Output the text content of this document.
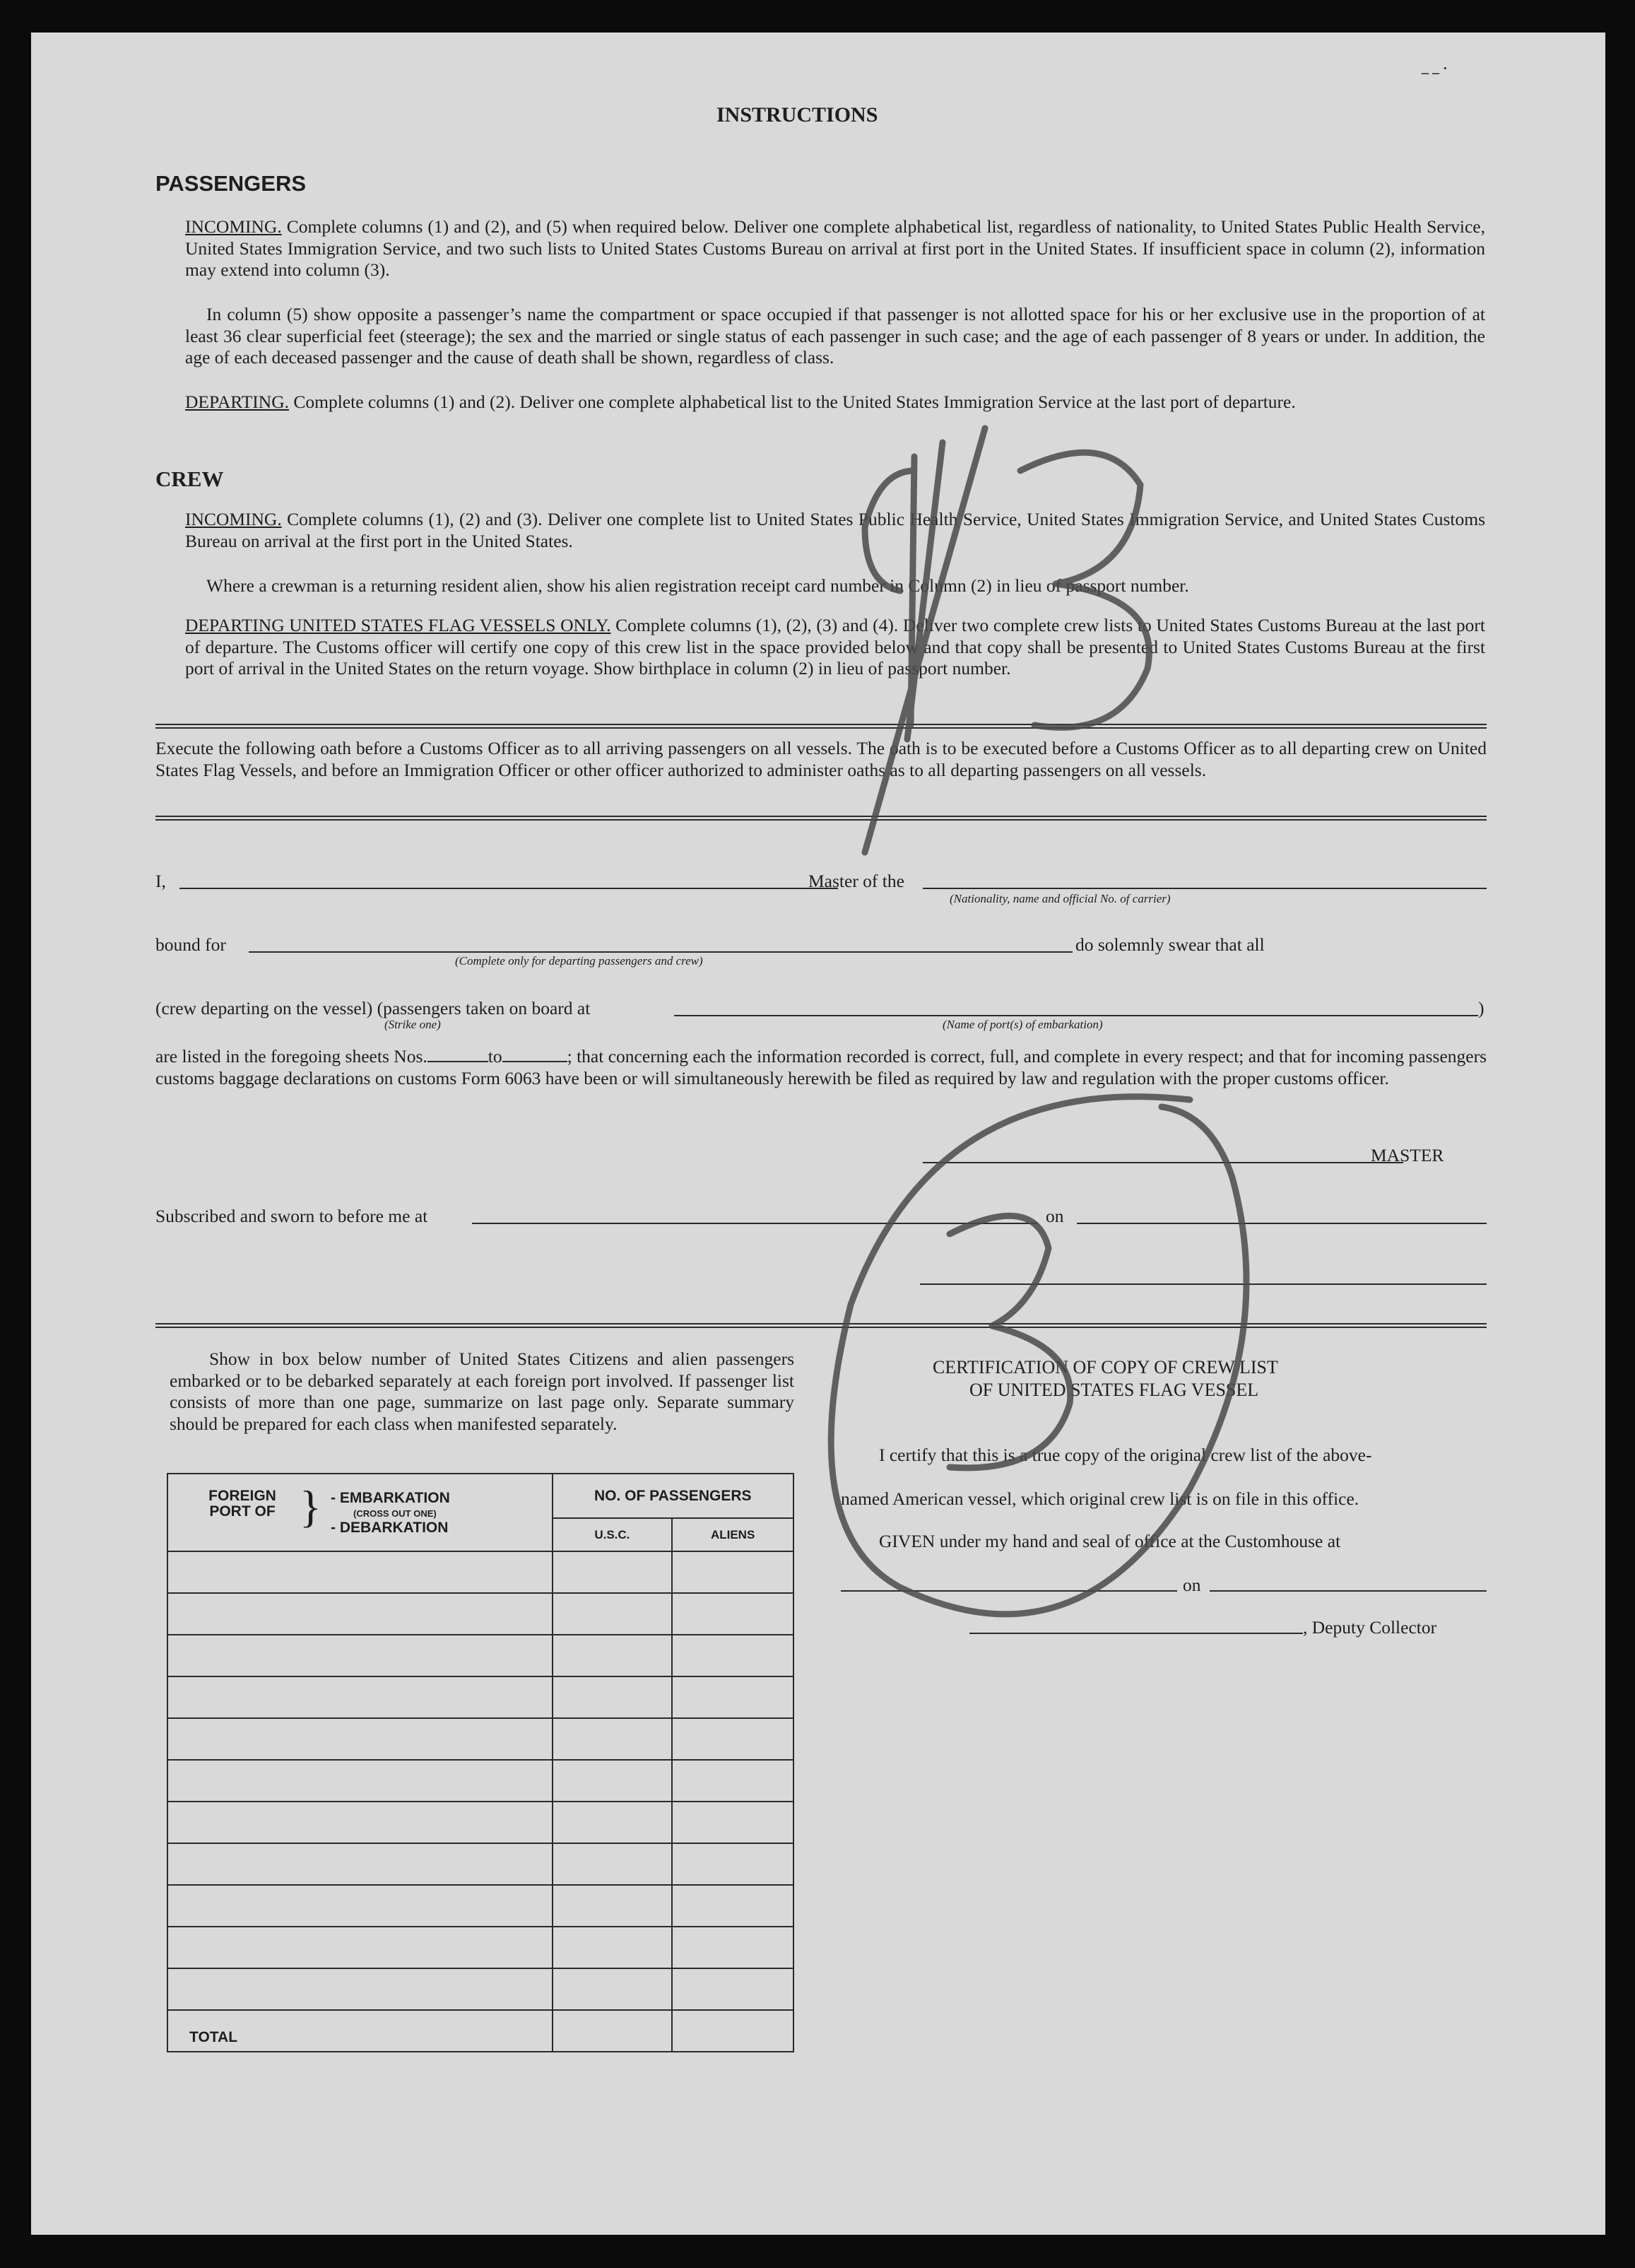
INSTRUCTIONS
– – ˙
PASSENGERS

INCOMING. Complete columns (1) and (2), and (5) when required below. Deliver one complete alphabetical list, regardless of nationality, to United States Public Health Service, United States Immigration Service, and two such lists to United States Customs Bureau on arrival at first port in the United States. If insufficient space in column (2), information may extend into column (3).

In column (5) show opposite a passenger’s name the compartment or space occupied if that passenger is not allotted space for his or her exclusive use in the proportion of at least 36 clear superficial feet (steerage); the sex and the married or single status of each passenger in such case; and the age of each passenger of 8 years or under. In addition, the age of each deceased passenger and the cause of death shall be shown, regardless of class.

DEPARTING. Complete columns (1) and (2). Deliver one complete alphabetical list to the United States Immigration Service at the last port of departure.

CREW

INCOMING. Complete columns (1), (2) and (3). Deliver one complete list to United States Public Health Service, United States Immigration Service, and United States Customs Bureau on arrival at the first port in the United States.

Where a crewman is a returning resident alien, show his alien registration receipt card number in Column (2) in lieu of passport number.

DEPARTING UNITED STATES FLAG VESSELS ONLY. Complete columns (1), (2), (3) and (4). Deliver two complete crew lists to United States Customs Bureau at the last port of departure. The Customs officer will certify one copy of this crew list in the space provided below and that copy shall be presented to United States Customs Bureau at the first port of arrival in the United States on the return voyage. Show birthplace in column (2) in lieu of passport number.

Execute the following oath before a Customs Officer as to all arriving passengers on all vessels. The oath is to be executed before a Customs Officer as to all departing crew on United States Flag Vessels, and before an Immigration Officer or other officer authorized to administer oaths as to all departing passengers on all vessels.
I,	Master of the
(Nationality, name and official No. of carrier)
bound for
(Complete only for departing passengers and crew)
do solemnly swear that all
(crew departing on the vessel) (passengers taken on board at	)
(Strike one)	(Name of port(s) of embarkation)

are listed in the foregoing sheets Nos.	to	; that concerning each the information recorded is correct, full, and complete in every respect; and that for incoming passengers customs baggage declarations on customs Form 6063 have been or will simultaneously herewith be filed as required by law and regulation with the proper customs officer.

MASTER
Subscribed and sworn to before me at	on
Show in box below number of United States Citizens and alien passengers embarked or to be debarked separately at each foreign port involved. If passenger list consists of more than one page, summarize on last page only. Separate summary should be prepared for each class when manifested separately.
FOREIGN PORT OF } - EMBARKATION
(CROSS OUT ONE)
- DEBARKATION	NO. OF PASSENGERS	
	U.S.C.	ALIENS

TOTAL		

CERTIFICATION OF COPY OF CREW LIST
OF UNITED STATES FLAG VESSEL
I certify that this is a true copy of the original crew list of the above-
named American vessel, which original crew list is on file in this office.
GIVEN under my hand and seal of office at the Customhouse at
on
, Deputy Collector
